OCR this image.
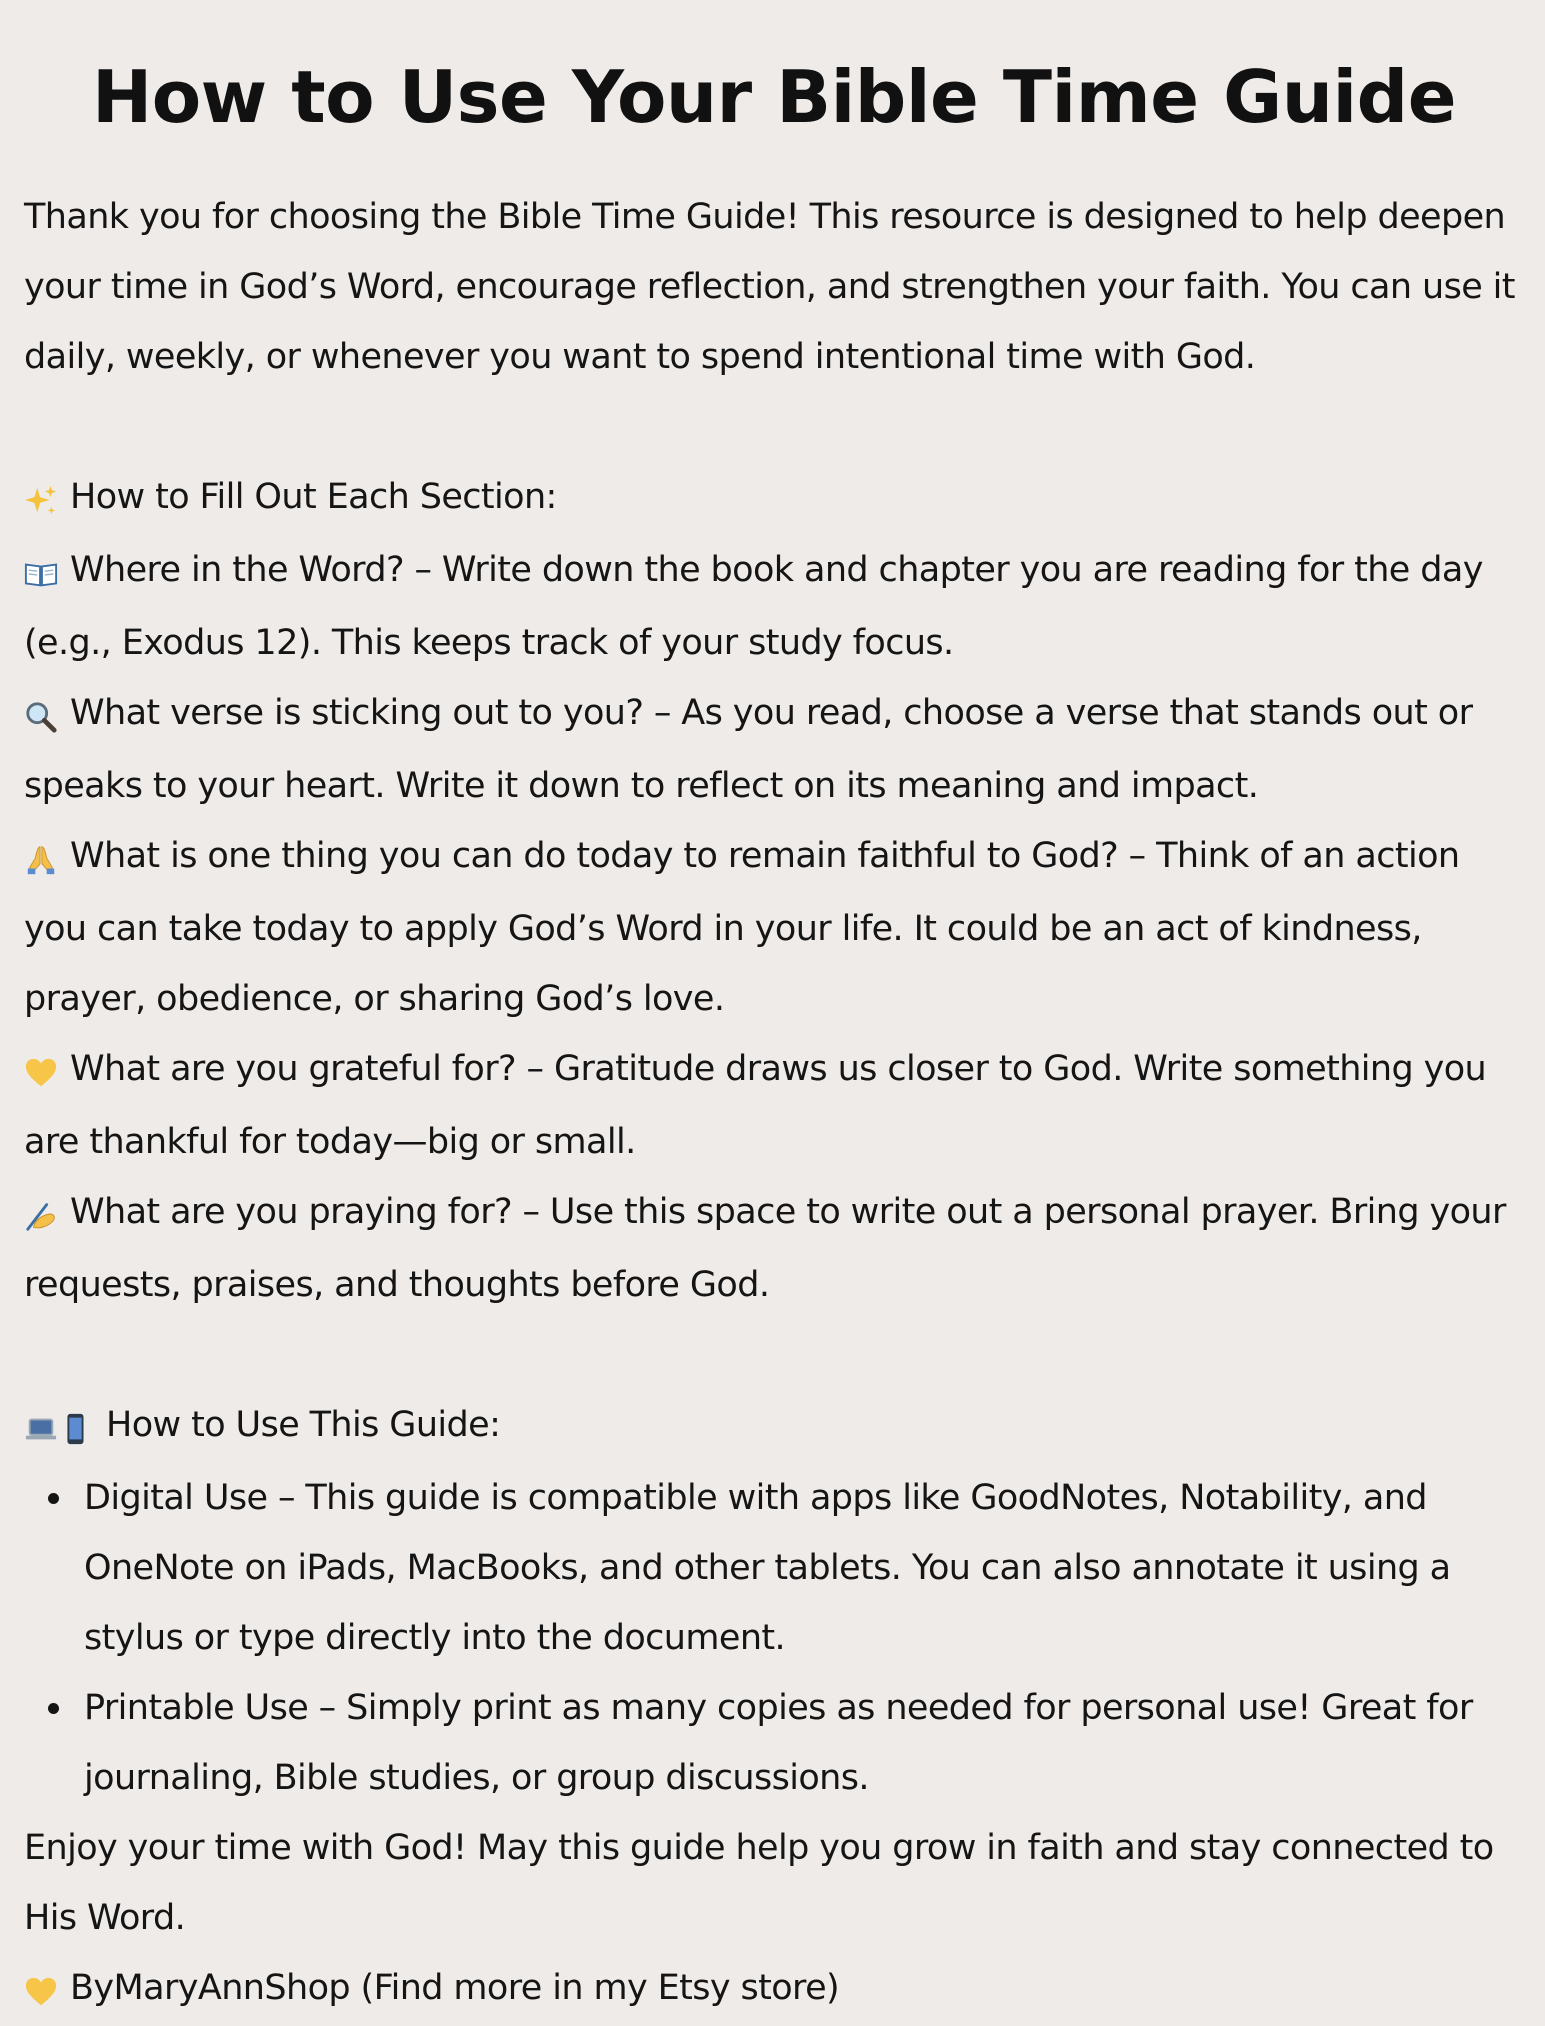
How to Use Your Bible Time Guide

Thank you for choosing the Bible Time Guide! This resource is designed to help deepen your time in God’s Word, encourage reflection, and strengthen your faith. You can use it daily, weekly, or whenever you want to spend intentional time with God.

How to Fill Out Each Section:

Where in the Word? – Write down the book and chapter you are reading for the day (e.g., Exodus 12). This keeps track of your study focus.

What verse is sticking out to you? – As you read, choose a verse that stands out or speaks to your heart. Write it down to reflect on its meaning and impact.

What is one thing you can do today to remain faithful to God? – Think of an action you can take today to apply God’s Word in your life. It could be an act of kindness, prayer, obedience, or sharing God’s love.

What are you grateful for? – Gratitude draws us closer to God. Write something you are thankful for today—big or small.

What are you praying for? – Use this space to write out a personal prayer. Bring your requests, praises, and thoughts before God.

How to Use This Guide:

Digital Use – This guide is compatible with apps like GoodNotes, Notability, and OneNote on iPads, MacBooks, and other tablets. You can also annotate it using a stylus or type directly into the document.
Printable Use – Simply print as many copies as needed for personal use! Great for journaling, Bible studies, or group discussions.

Enjoy your time with God! May this guide help you grow in faith and stay connected to His Word.

ByMaryAnnShop (Find more in my Etsy store)
